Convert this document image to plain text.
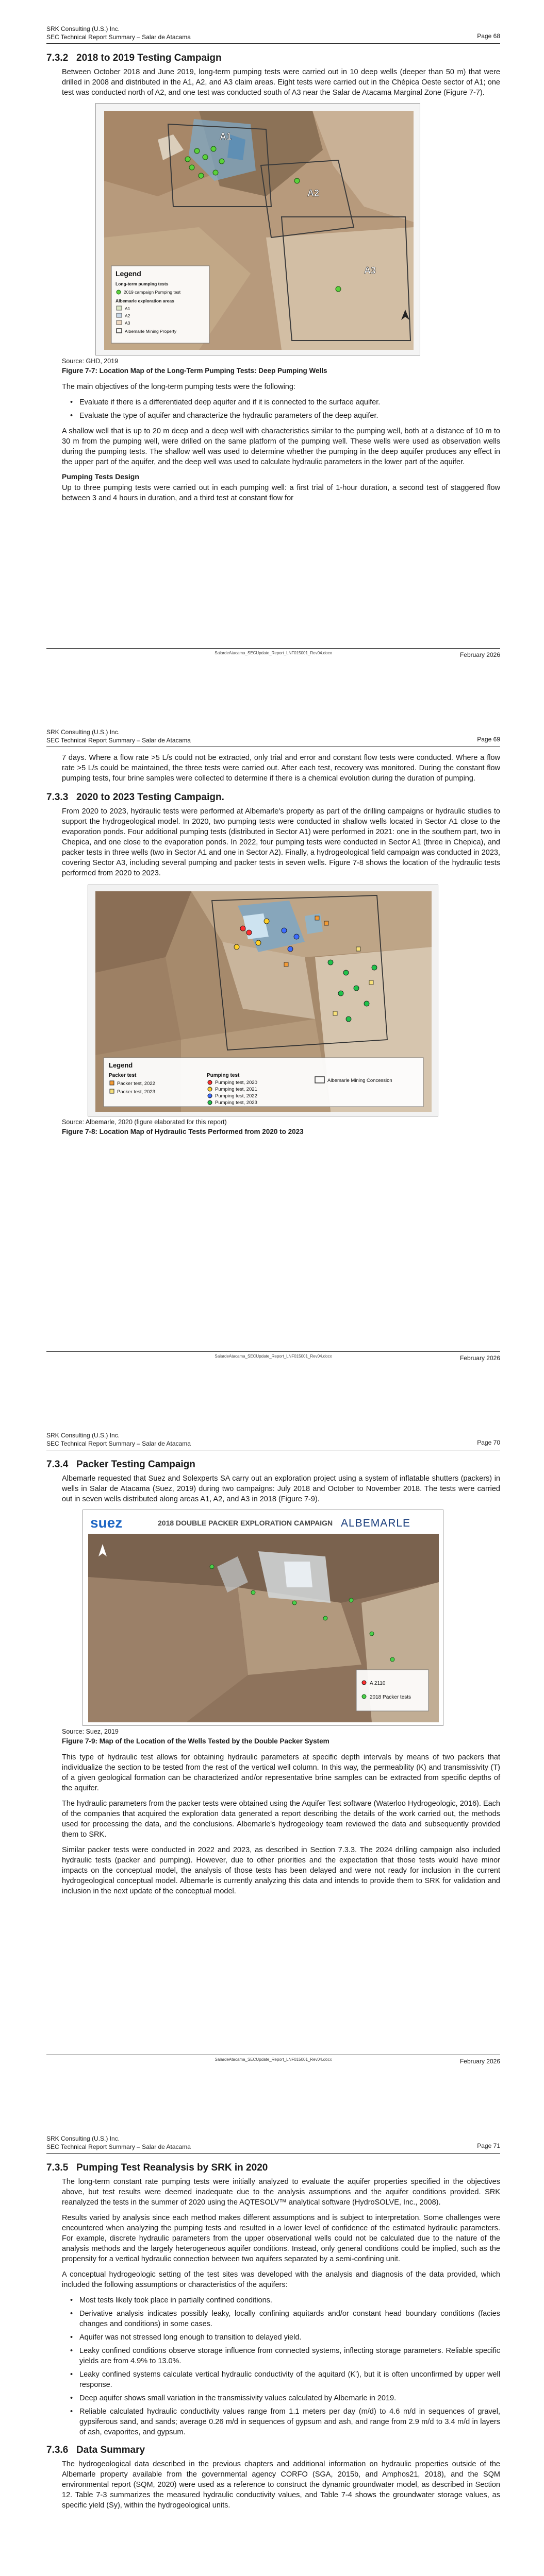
SRK Consulting (U.S.) Inc.
SEC Technical Report Summary – Salar de Atacama	Page 68
7.3.2 2018 to 2019 Testing Campaign

Between October 2018 and June 2019, long-term pumping tests were carried out in 10 deep wells (deeper than 50 m) that were drilled in 2008 and distributed in the A1, A2, and A3 claim areas. Eight tests were carried out in the Chépica Oeste sector of A1; one test was conducted north of A2, and one test was conducted south of A3 near the Salar de Atacama Marginal Zone (Figure 7-7).

A1
A2
A3
Legend
Long-term pumping tests
2019 campaign Pumping test
Albemarle exploration areas
A1
A2
A3
Albemarle Mining Property
Source: GHD, 2019
Figure 7-7: Location Map of the Long-Term Pumping Tests: Deep Pumping Wells

The main objectives of the long-term pumping tests were the following:

• Evaluate if there is a differentiated deep aquifer and if it is connected to the surface aquifer.
• Evaluate the type of aquifer and characterize the hydraulic parameters of the deep aquifer.

A shallow well that is up to 20 m deep and a deep well with characteristics similar to the pumping well, both at a distance of 10 m to 30 m from the pumping well, were drilled on the same platform of the pumping well. These wells were used as observation wells during the pumping tests. The shallow well was used to determine whether the pumping in the deep aquifer produces any effect in the upper part of the aquifer, and the deep well was used to calculate hydraulic parameters in the lower part of the aquifer.

Pumping Tests Design

Up to three pumping tests were carried out in each pumping well: a first trial of 1-hour duration, a second test of staggered flow between 3 and 4 hours in duration, and a third test at constant flow for

SalardeAtacama_SECUpdate_Report_LNF015001_Rev04.docx	February 2026
SRK Consulting (U.S.) Inc.
SEC Technical Report Summary – Salar de Atacama	Page 69

7 days. Where a flow rate >5 L/s could not be extracted, only trial and error and constant flow tests were conducted. Where a flow rate >5 L/s could be maintained, the three tests were carried out. After each test, recovery was monitored. During the constant flow pumping tests, four brine samples were collected to determine if there is a chemical evolution during the duration of pumping.

7.3.3 2020 to 2023 Testing Campaign.

From 2020 to 2023, hydraulic tests were performed at Albemarle's property as part of the drilling campaigns or hydraulic studies to support the hydrogeological model. In 2020, two pumping tests were conducted in shallow wells located in Sector A1 close to the evaporation ponds. Four additional pumping tests (distributed in Sector A1) were performed in 2021: one in the southern part, two in Chepica, and one close to the evaporation ponds. In 2022, four pumping tests were conducted in Sector A1 (three in Chepica), and packer tests in three wells (two in Sector A1 and one in Sector A2). Finally, a hydrogeological field campaign was conducted in 2023, covering Sector A3, including several pumping and packer tests in seven wells. Figure 7-8 shows the location of the hydraulic tests performed from 2020 to 2023.

Legend
Packer test
Packer test, 2022
Packer test, 2023
Pumping test
Pumping test, 2020
Pumping test, 2021
Pumping test, 2022
Pumping test, 2023
Albemarle Mining Concession
Source: Albemarle, 2020 (figure elaborated for this report)
Figure 7-8: Location Map of Hydraulic Tests Performed from 2020 to 2023
SalardeAtacama_SECUpdate_Report_LNF015001_Rev04.docx	February 2026
SRK Consulting (U.S.) Inc.
SEC Technical Report Summary – Salar de Atacama	Page 70
7.3.4 Packer Testing Campaign

Albemarle requested that Suez and Solexperts SA carry out an exploration project using a system of inflatable shutters (packers) in wells in Salar de Atacama (Suez, 2019) during two campaigns: July 2018 and October to November 2018. The tests were carried out in seven wells distributed along areas A1, A2, and A3 in 2018 (Figure 7-9).

suez	2018 DOUBLE PACKER EXPLORATION CAMPAIGN ALBEMARLE
A 2110
2018 Packer tests
Source: Suez, 2019
Figure 7-9: Map of the Location of the Wells Tested by the Double Packer System

This type of hydraulic test allows for obtaining hydraulic parameters at specific depth intervals by means of two packers that individualize the section to be tested from the rest of the vertical well column. In this way, the permeability (K) and transmissivity (T) of a given geological formation can be characterized and/or representative brine samples can be extracted from specific depths of the aquifer.

The hydraulic parameters from the packer tests were obtained using the Aquifer Test software (Waterloo Hydrogeologic, 2016). Each of the companies that acquired the exploration data generated a report describing the details of the work carried out, the methods used for processing the data, and the conclusions. Albemarle's hydrogeology team reviewed the data and subsequently provided them to SRK.

Similar packer tests were conducted in 2022 and 2023, as described in Section 7.3.3. The 2024 drilling campaign also included hydraulic tests (packer and pumping). However, due to other priorities and the expectation that those tests would have minor impacts on the conceptual model, the analysis of those tests has been delayed and were not ready for inclusion in the current hydrogeological conceptual model. Albemarle is currently analyzing this data and intends to provide them to SRK for validation and inclusion in the next update of the conceptual model.

SalardeAtacama_SECUpdate_Report_LNF015001_Rev04.docx	February 2026
SRK Consulting (U.S.) Inc.
SEC Technical Report Summary – Salar de Atacama	Page 71
7.3.5 Pumping Test Reanalysis by SRK in 2020

The long-term constant rate pumping tests were initially analyzed to evaluate the aquifer properties specified in the objectives above, but test results were deemed inadequate due to the analysis assumptions and the aquifer conditions provided. SRK reanalyzed the tests in the summer of 2020 using the AQTESOLV™ analytical software (HydroSOLVE, Inc., 2008).

Results varied by analysis since each method makes different assumptions and is subject to interpretation. Some challenges were encountered when analyzing the pumping tests and resulted in a lower level of confidence of the estimated hydraulic parameters. For example, discrete hydraulic parameters from the upper observational wells could not be calculated due to the nature of the analysis methods and the largely heterogeneous aquifer conditions. Instead, only general conditions could be implied, such as the propensity for a vertical hydraulic connection between two aquifers separated by a semi-confining unit.

A conceptual hydrogeologic setting of the test sites was developed with the analysis and diagnosis of the data provided, which included the following assumptions or characteristics of the aquifers:

• Most tests likely took place in partially confined conditions.
• Derivative analysis indicates possibly leaky, locally confining aquitards and/or constant head boundary conditions (facies changes and conditions) in some cases.
• Aquifer was not stressed long enough to transition to delayed yield.
• Leaky confined conditions observe storage influence from connected systems, inflecting storage parameters. Reliable specific yields are from 4.9% to 13.0%.
• Leaky confined systems calculate vertical hydraulic conductivity of the aquitard (K'), but it is often unconfirmed by upper well response.
• Deep aquifer shows small variation in the transmissivity values calculated by Albemarle in 2019.
• Reliable calculated hydraulic conductivity values range from 1.1 meters per day (m/d) to 4.6 m/d in sequences of gravel, gypsiferous sand, and sands; average 0.26 m/d in sequences of gypsum and ash, and range from 2.9 m/d to 3.4 m/d in layers of ash, evaporites, and gypsum.
7.3.6 Data Summary

The hydrogeological data described in the previous chapters and additional information on hydraulic properties outside of the Albemarle property available from the governmental agency CORFO (SGA, 2015b, and Amphos21, 2018), and the SQM environmental report (SQM, 2020) were used as a reference to construct the dynamic groundwater model, as described in Section 12. Table 7-3 summarizes the measured hydraulic conductivity values, and Table 7-4 shows the groundwater storage values, as specific yield (Sy), within the hydrogeological units.
